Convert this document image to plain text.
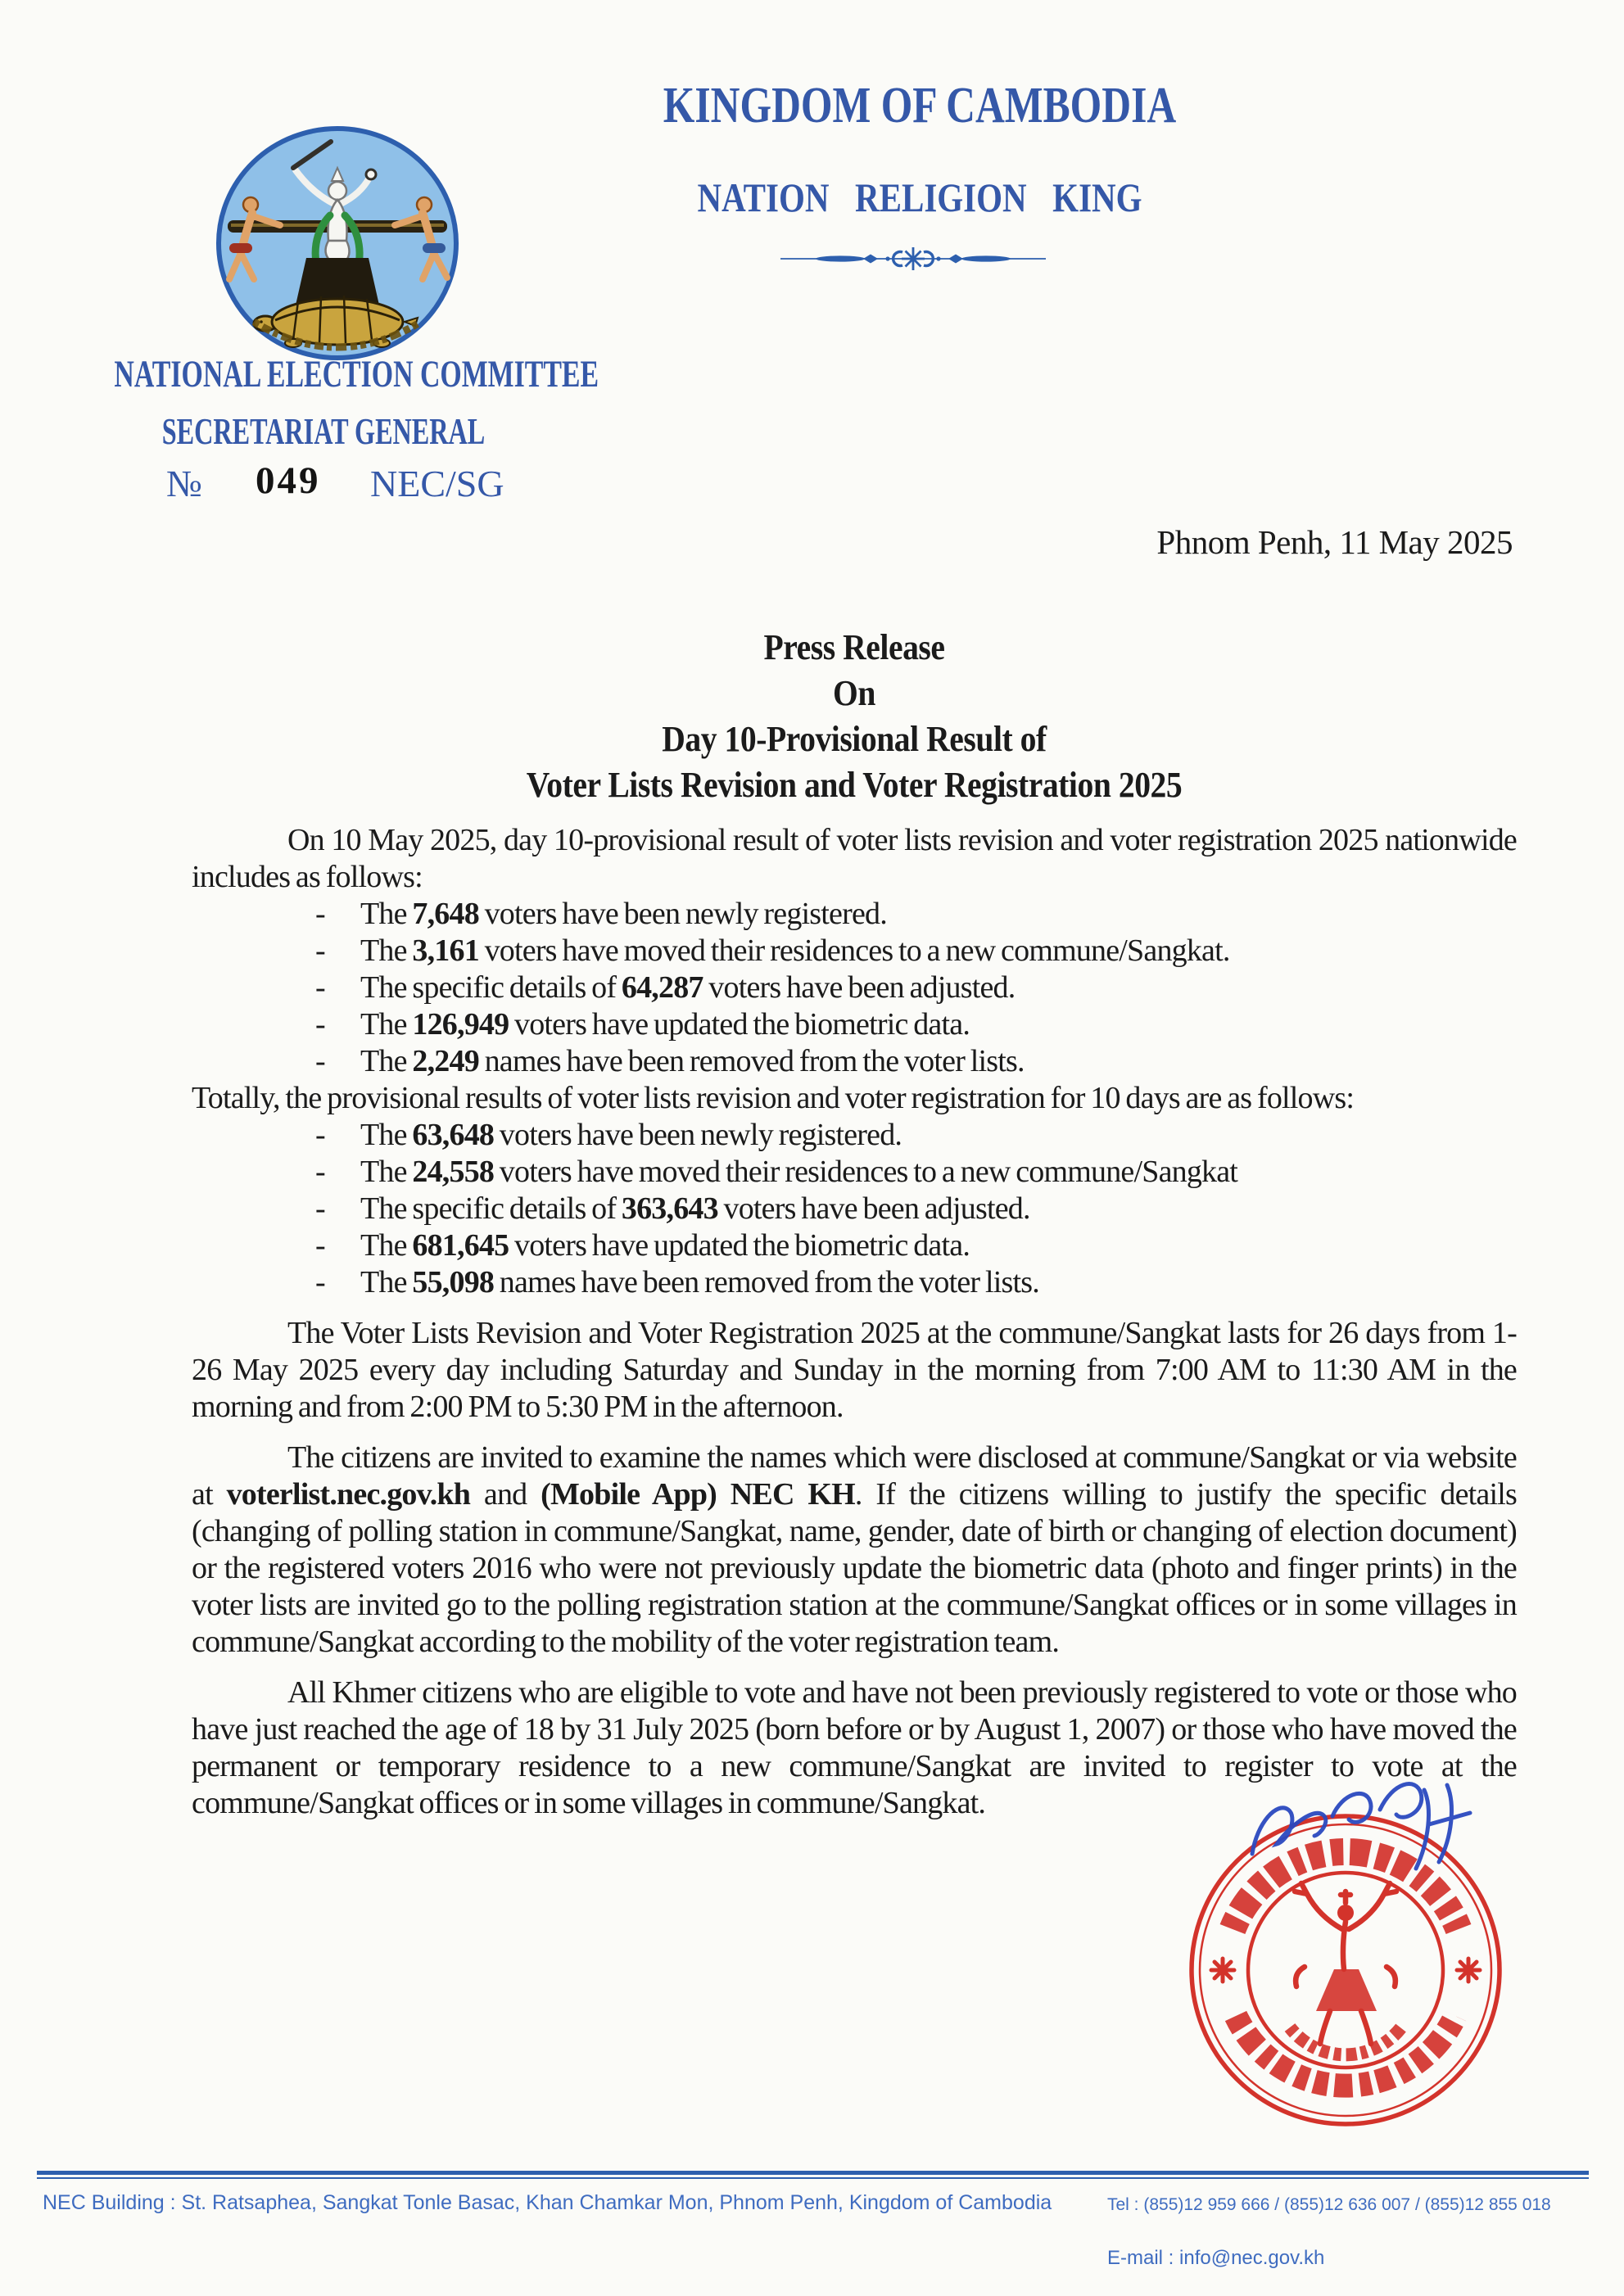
KINGDOM OF CAMBODIA
NATION RELIGION KING
NATIONAL ELECTION COMMITTEE
SECRETARIAT GENERAL
№ 049 NEC/SG
Phnom Penh, 11 May 2025
Press Release
On
Day 10-Provisional Result of
Voter Lists Revision and Voter Registration 2025

On 10 May 2025, day 10-provisional result of voter lists revision and voter registration 2025 nationwide includes as follows:

- The 7,648 voters have been newly registered.
- The 3,161 voters have moved their residences to a new commune/Sangkat.
- The specific details of 64,287 voters have been adjusted.
- The 126,949 voters have updated the biometric data.
- The 2,249 names have been removed from the voter lists.

Totally, the provisional results of voter lists revision and voter registration for 10 days are as follows:

- The 63,648 voters have been newly registered.
- The 24,558 voters have moved their residences to a new commune/Sangkat
- The specific details of 363,643 voters have been adjusted.
- The 681,645 voters have updated the biometric data.
- The 55,098 names have been removed from the voter lists.

The Voter Lists Revision and Voter Registration 2025 at the commune/Sangkat lasts for 26 days from 1-26 May 2025 every day including Saturday and Sunday in the morning from 7:00 AM to 11:30 AM in the morning and from 2:00 PM to 5:30 PM in the afternoon.

The citizens are invited to examine the names which were disclosed at commune/Sangkat or via website at voterlist.nec.gov.kh and (Mobile App) NEC KH. If the citizens willing to justify the specific details (changing of polling station in commune/Sangkat, name, gender, date of birth or changing of election document) or the registered voters 2016 who were not previously update the biometric data (photo and finger prints) in the voter lists are invited go to the polling registration station at the commune/Sangkat offices or in some villages in commune/Sangkat according to the mobility of the voter registration team.

All Khmer citizens who are eligible to vote and have not been previously registered to vote or those who have just reached the age of 18 by 31 July 2025 (born before or by August 1, 2007) or those who have moved the permanent or temporary residence to a new commune/Sangkat are invited to register to vote at the commune/Sangkat offices or in some villages in commune/Sangkat.

NEC Building : St. Ratsaphea, Sangkat Tonle Basac, Khan Chamkar Mon, Phnom Penh, Kingdom of Cambodia	Tel : (855)12 959 666 / (855)12 636 007 / (855)12 855 018
E-mail : info@nec.gov.kh
